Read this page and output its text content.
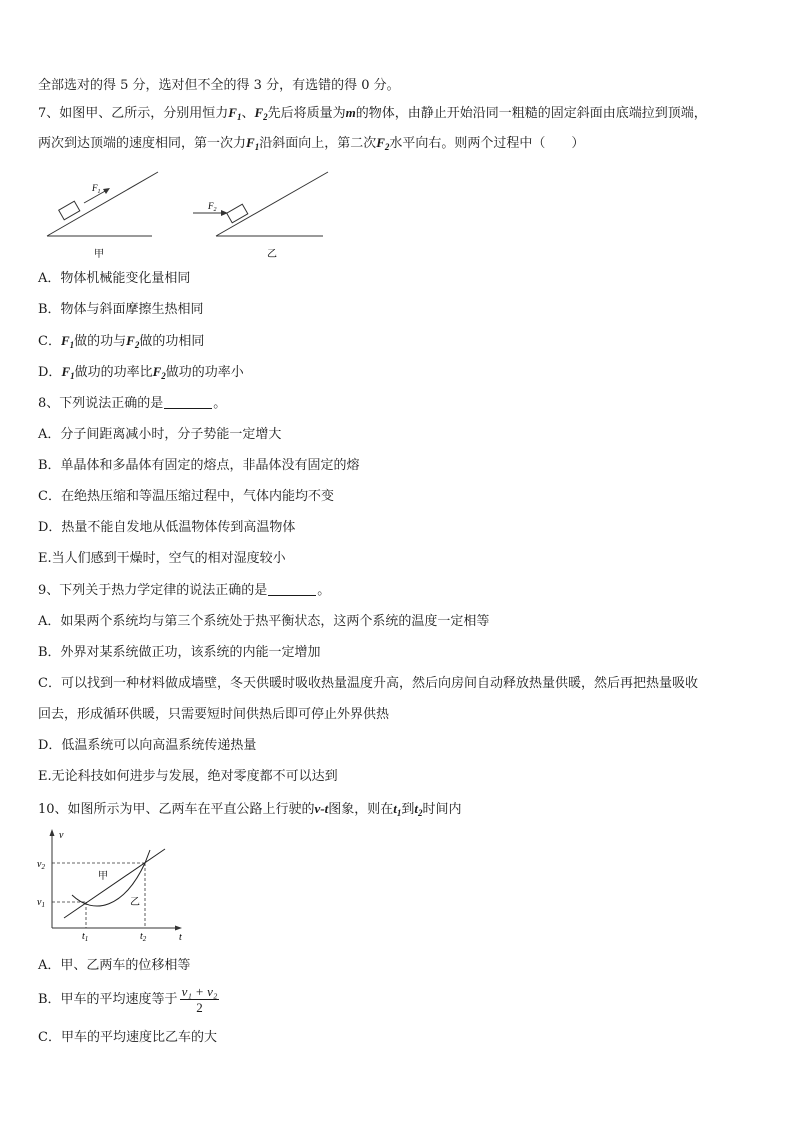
全部选对的得 5 分，选对但不全的得 3 分，有选错的得 0 分。
7、如图甲、乙所示，分别用恒力$F_1$、$F_2$先后将质量为m的物体，由静止开始沿同一粗糙的固定斜面由底端拉到顶端，
两次到达顶端的速度相同，第一次力$F_1$沿斜面向上，第二次$F_2$水平向右。则两个过程中（　　）
$F_1$
甲
$F_2$
乙
A．物体机械能变化量相同
B．物体与斜面摩擦生热相同
C．$F_1$做的功与$F_2$做的功相同
D．$F_1$做功的功率比$F_2$做功的功率小
8、下列说法正确的是	。
A．分子间距离减小时，分子势能一定增大
B．单晶体和多晶体有固定的熔点，非晶体没有固定的熔
C．在绝热压缩和等温压缩过程中，气体内能均不变
D．热量不能自发地从低温物体传到高温物体
E.当人们感到干燥时，空气的相对湿度较小
9、下列关于热力学定律的说法正确的是	。
A．如果两个系统均与第三个系统处于热平衡状态，这两个系统的温度一定相等
B．外界对某系统做正功，该系统的内能一定增加
C．可以找到一种材料做成墙壁，冬天供暖时吸收热量温度升高，然后向房间自动释放热量供暖，然后再把热量吸收
回去，形成循环供暖，只需要短时间供热后即可停止外界供热
D．低温系统可以向高温系统传递热量
E.无论科技如何进步与发展，绝对零度都不可以达到
10、如图所示为甲、乙两车在平直公路上行驶的v-t图象，则在$t_1$到$t_2$时间内
v
t
$v_2$
$v_1$
$t_1$	$t_2$
甲
乙
A．甲、乙两车的位移相等
B．甲车的平均速度等于 $\frac{\text{v₁ + v₂}}{2}$
C．甲车的平均速度比乙车的大
